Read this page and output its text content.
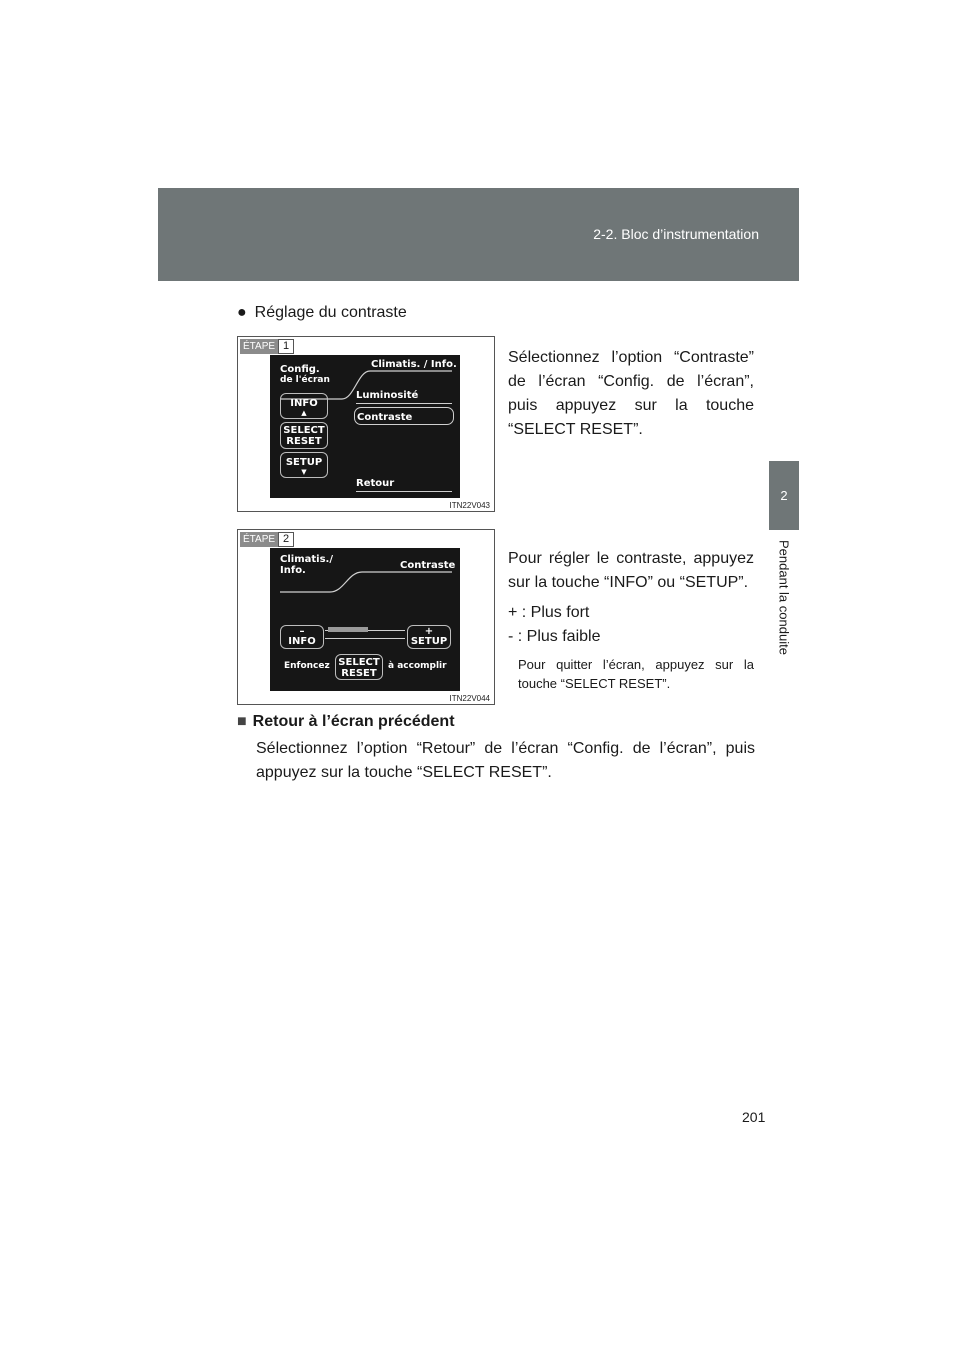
2-2. Bloc d’instrumentation
2
Pendant la conduite
● Réglage du contraste
ÉTAPE 1
Config.
de l'écran
Climatis. / Info.
Luminosité
Contraste
Retour
INFO
▲
SELECT
RESET
SETUP
▼
ITN22V043

Sélectionnez l’option “Contraste” de l’écran “Config. de l’écran”, puis appuyez sur la touche “SELECT RESET”.

ÉTAPE 2
Climatis./
Info.	Contraste
–
INFO
+
SETUP
Enfoncez SELECT
RESET
à accomplir
ITN22V044

Pour régler le contraste, appuyez sur la touche “INFO” ou “SETUP”.

+ : Plus fort

- : Plus faible

Pour quitter l’écran, appuyez sur la touche “SELECT RESET”.

■ Retour à l’écran précédent

Sélectionnez l’option “Retour” de l’écran “Config. de l’écran”, puis appuyez sur la touche “SELECT RESET”.

201
